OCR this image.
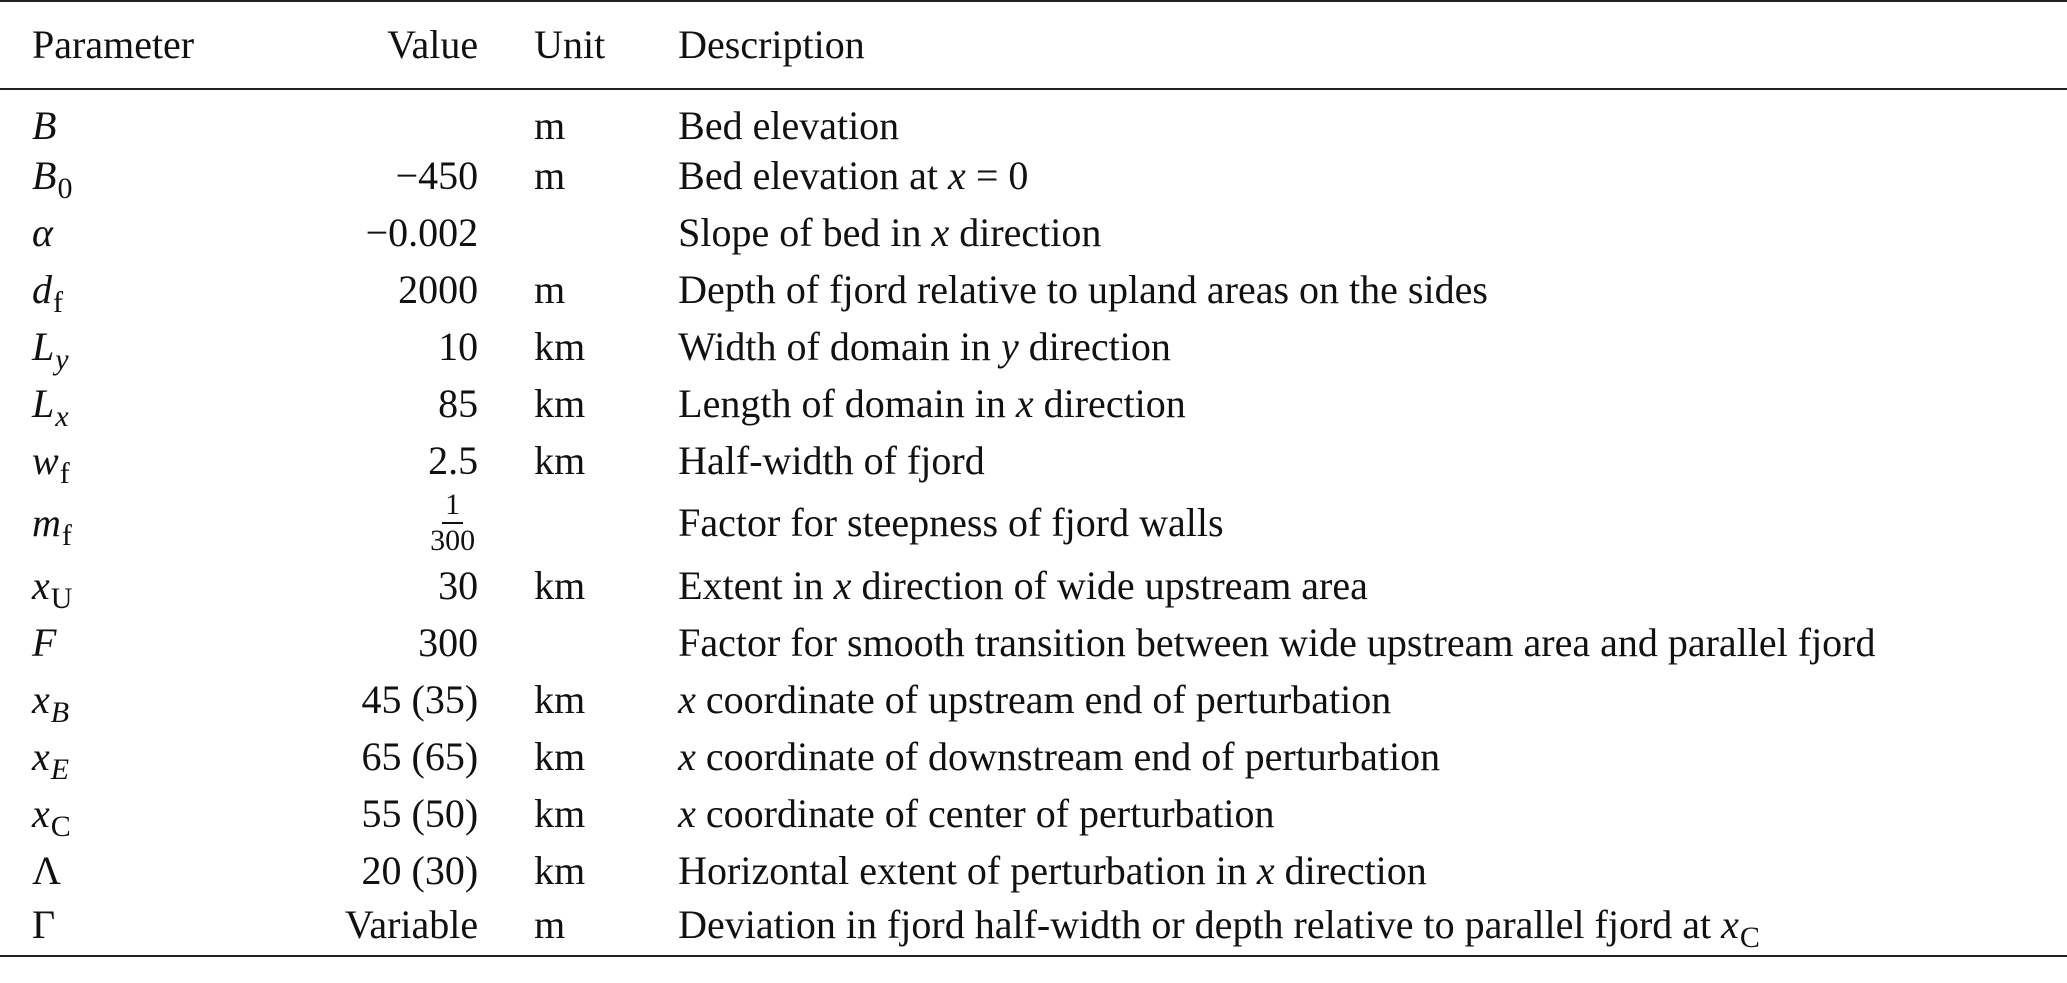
Parameter	Value	Unit	Description
B		m	Bed elevation
$B_0$	−450	m	Bed elevation at x = 0
α	−0.002		Slope of bed in x direction
$d_f$	2000	m	Depth of fjord relative to upland areas on the sides
$L_y$	10	km	Width of domain in y direction
$L_x$	85	km	Length of domain in x direction
$w_f$	2.5	km	Half-width of fjord
$m_f$	$\frac{1}{300}$		Factor for steepness of fjord walls
$x_U$	30	km	Extent in x direction of wide upstream area
F	300		Factor for smooth transition between wide upstream area and parallel fjord
$x_B$	45 (35)	km	x coordinate of upstream end of perturbation
$x_E$	65 (65)	km	x coordinate of downstream end of perturbation
$x_C$	55 (50)	km	x coordinate of center of perturbation
Λ	20 (30)	km	Horizontal extent of perturbation in x direction
Γ	Variable	m	Deviation in fjord half-width or depth relative to parallel fjord at $x_C$
